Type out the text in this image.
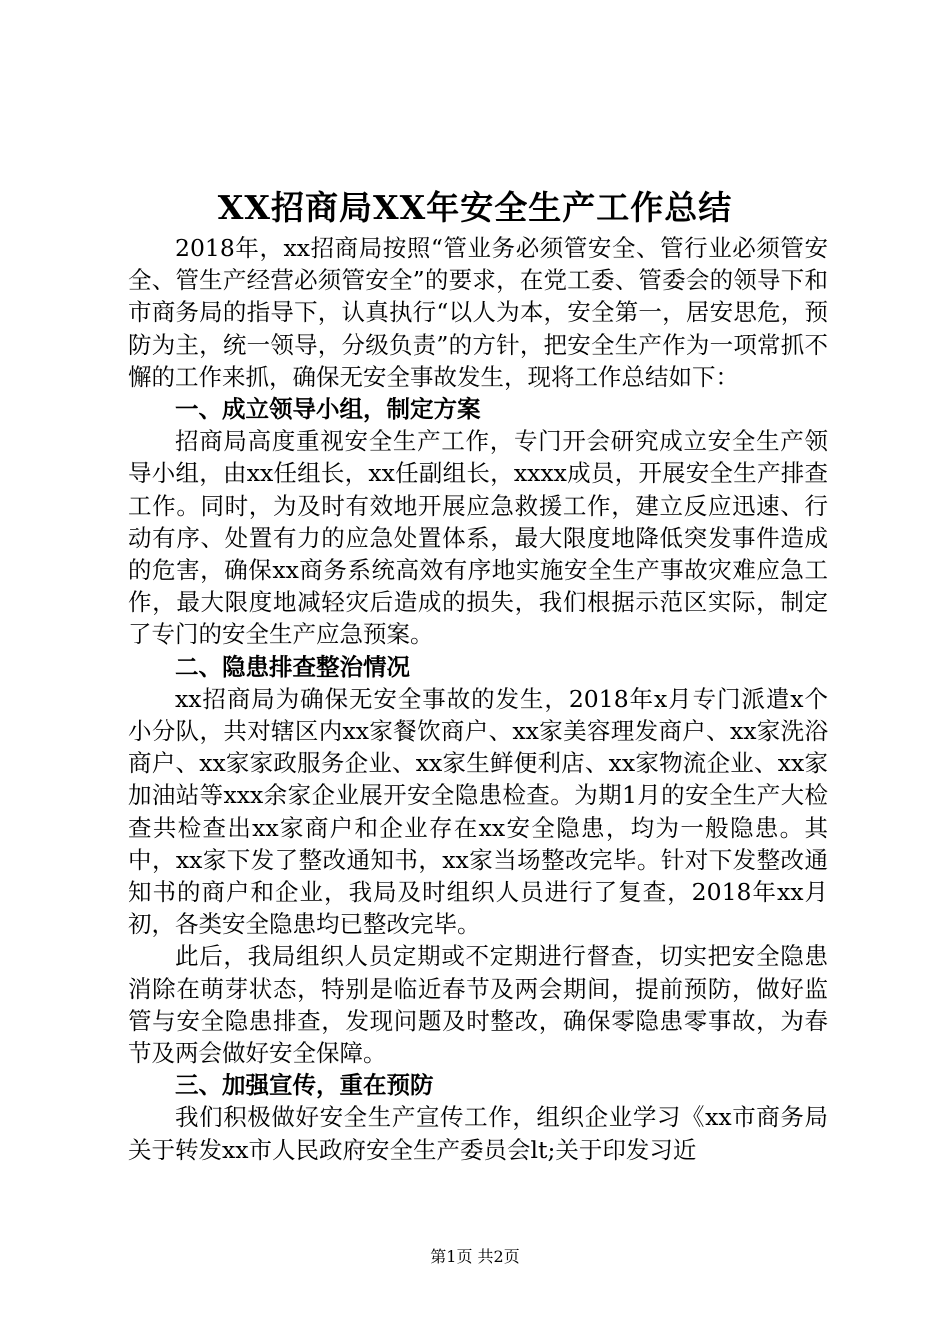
XX招商局XX年安全生产工作总结

2018年，xx招商局按照“管业务必须管安全、管行业必须管安全、管生产经营必须管安全”的要求，在党工委、管委会的领导下和市商务局的指导下，认真执行“以人为本，安全第一，居安思危，预防为主，统一领导，分级负责”的方针，把安全生产作为一项常抓不懈的工作来抓，确保无安全事故发生，现将工作总结如下：

一、成立领导小组，制定方案

招商局高度重视安全生产工作，专门开会研究成立安全生产领导小组，由xx任组长，xx任副组长，xxxx成员，开展安全生产排查工作。同时，为及时有效地开展应急救援工作，建立反应迅速、行动有序、处置有力的应急处置体系，最大限度地降低突发事件造成的危害，确保xx商务系统高效有序地实施安全生产事故灾难应急工作，最大限度地减轻灾后造成的损失，我们根据示范区实际，制定了专门的安全生产应急预案。

二、隐患排查整治情况

xx招商局为确保无安全事故的发生，2018年x月专门派遣x个小分队，共对辖区内xx家餐饮商户、xx家美容理发商户、xx家洗浴商户、xx家家政服务企业、xx家生鲜便利店、xx家物流企业、xx家加油站等xxx余家企业展开安全隐患检查。为期1月的安全生产大检查共检查出xx家商户和企业存在xx安全隐患，均为一般隐患。其中，xx家下发了整改通知书，xx家当场整改完毕。针对下发整改通知书的商户和企业，我局及时组织人员进行了复查，2018年xx月初，各类安全隐患均已整改完毕。

此后，我局组织人员定期或不定期进行督查，切实把安全隐患消除在萌芽状态，特别是临近春节及两会期间，提前预防，做好监管与安全隐患排查，发现问题及时整改，确保零隐患零事故，为春节及两会做好安全保障。

三、加强宣传，重在预防

我们积极做好安全生产宣传工作，组织企业学习《xx市商务局关于转发xx市人民政府安全生产委员会lt;关于印发习近

第1页 共2页
